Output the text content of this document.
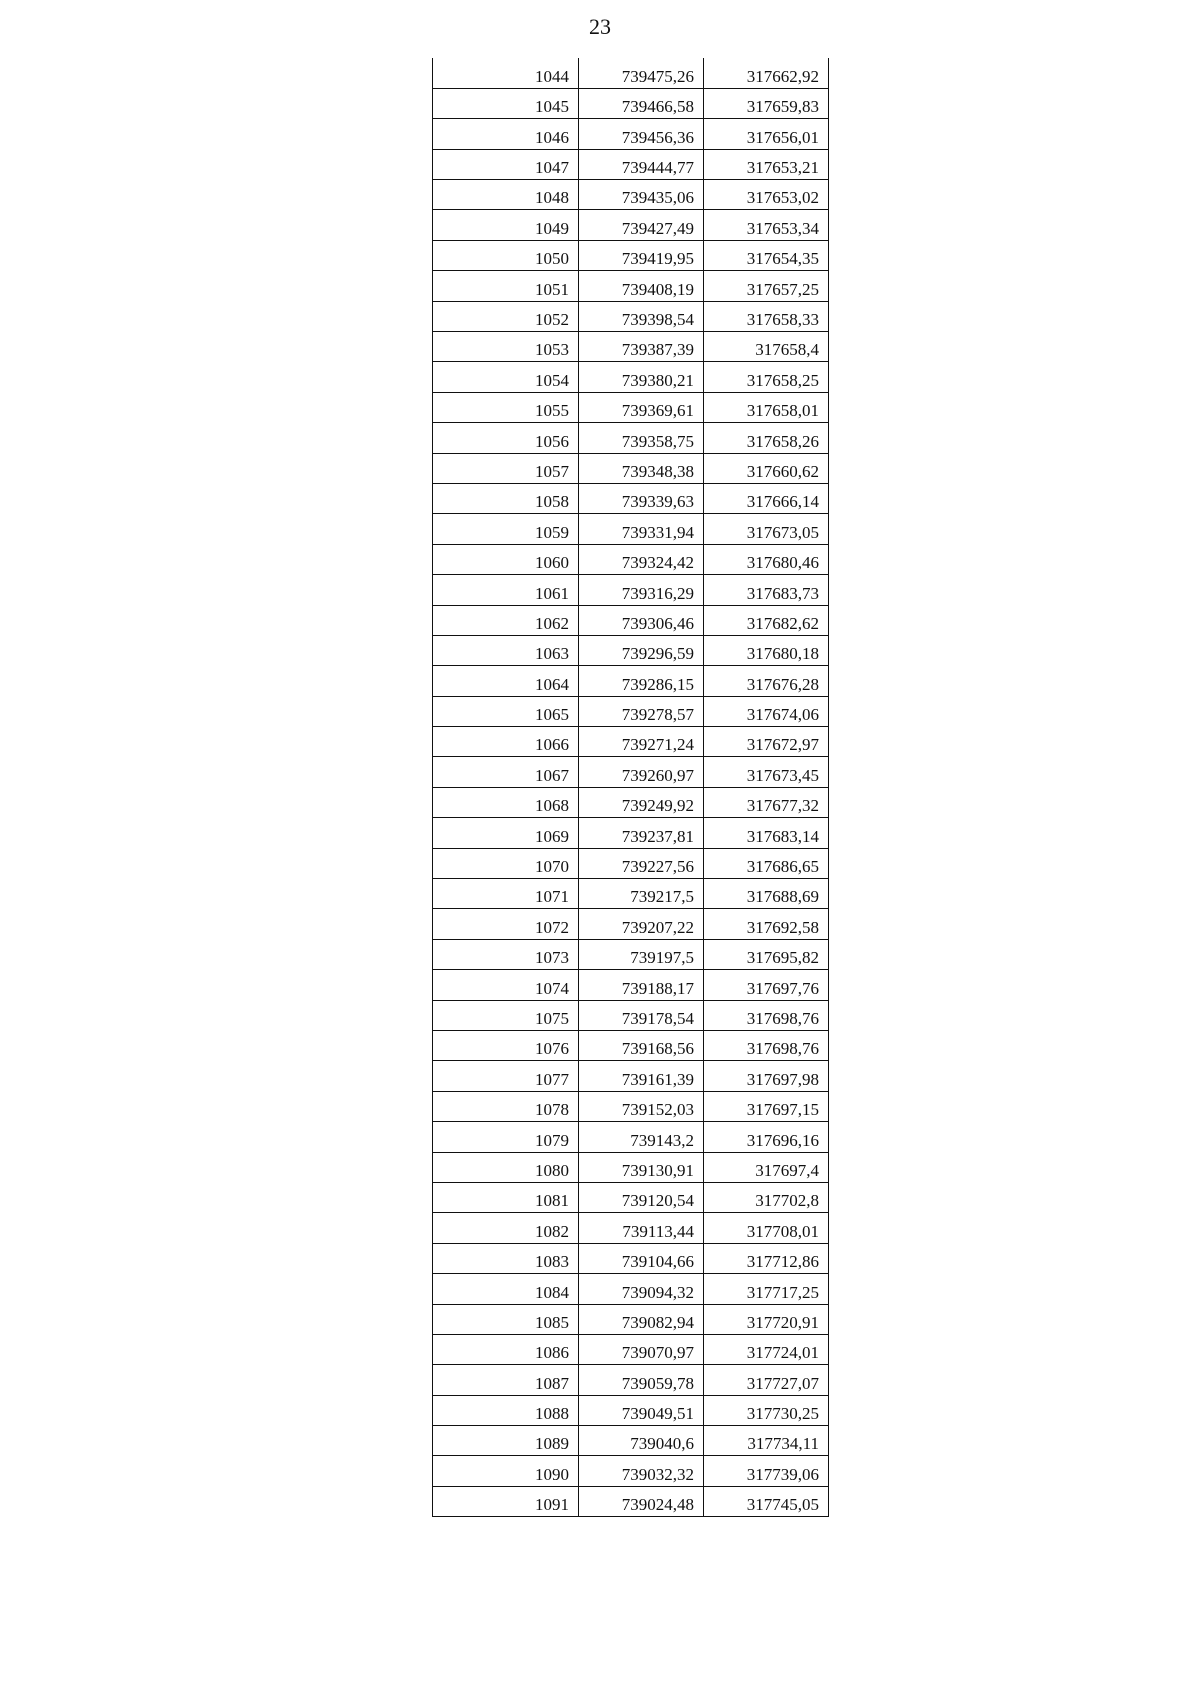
23
1044	739475,26	317662,92
1045	739466,58	317659,83
1046	739456,36	317656,01
1047	739444,77	317653,21
1048	739435,06	317653,02
1049	739427,49	317653,34
1050	739419,95	317654,35
1051	739408,19	317657,25
1052	739398,54	317658,33
1053	739387,39	317658,4
1054	739380,21	317658,25
1055	739369,61	317658,01
1056	739358,75	317658,26
1057	739348,38	317660,62
1058	739339,63	317666,14
1059	739331,94	317673,05
1060	739324,42	317680,46
1061	739316,29	317683,73
1062	739306,46	317682,62
1063	739296,59	317680,18
1064	739286,15	317676,28
1065	739278,57	317674,06
1066	739271,24	317672,97
1067	739260,97	317673,45
1068	739249,92	317677,32
1069	739237,81	317683,14
1070	739227,56	317686,65
1071	739217,5	317688,69
1072	739207,22	317692,58
1073	739197,5	317695,82
1074	739188,17	317697,76
1075	739178,54	317698,76
1076	739168,56	317698,76
1077	739161,39	317697,98
1078	739152,03	317697,15
1079	739143,2	317696,16
1080	739130,91	317697,4
1081	739120,54	317702,8
1082	739113,44	317708,01
1083	739104,66	317712,86
1084	739094,32	317717,25
1085	739082,94	317720,91
1086	739070,97	317724,01
1087	739059,78	317727,07
1088	739049,51	317730,25
1089	739040,6	317734,11
1090	739032,32	317739,06
1091	739024,48	317745,05
